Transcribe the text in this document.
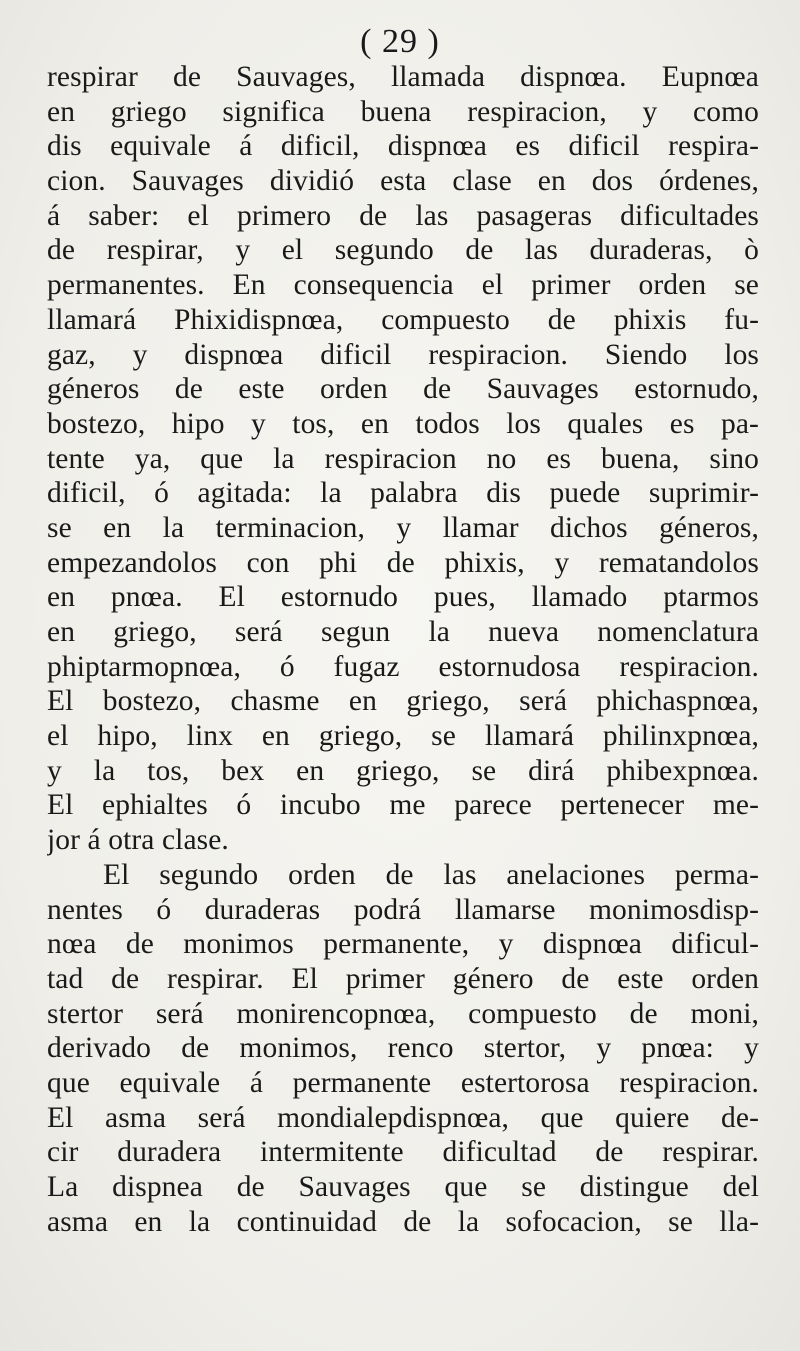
( 29 )
respirar de Sauvages, llamada dispnœa. Eupnœa
en griego significa buena respiracion, y como
dis equivale á dificil, dispnœa es dificil respira-
cion. Sauvages dividió esta clase en dos órdenes,
á saber: el primero de las pasageras dificultades
de respirar, y el segundo de las duraderas, ò
permanentes. En consequencia el primer orden se
llamará Phixidispnœa, compuesto de phixis fu-
gaz, y dispnœa dificil respiracion. Siendo los
géneros de este orden de Sauvages estornudo,
bostezo, hipo y tos, en todos los quales es pa-
tente ya, que la respiracion no es buena, sino
dificil, ó agitada: la palabra dis puede suprimir-
se en la terminacion, y llamar dichos géneros,
empezandolos con phi de phixis, y rematandolos
en pnœa. El estornudo pues, llamado ptarmos
en griego, será segun la nueva nomenclatura
phiptarmopnœa, ó fugaz estornudosa respiracion.
El bostezo, chasme en griego, será phichaspnœa,
el hipo, linx en griego, se llamará philinxpnœa,
y la tos, bex en griego, se dirá phibexpnœa.
El ephialtes ó incubo me parece pertenecer me-
jor á otra clase.
El segundo orden de las anelaciones perma-
nentes ó duraderas podrá llamarse monimosdisp-
nœa de monimos permanente, y dispnœa dificul-
tad de respirar. El primer género de este orden
stertor será monirencopnœa, compuesto de moni,
derivado de monimos, renco stertor, y pnœa: y
que equivale á permanente estertorosa respiracion.
El asma será mondialepdispnœa, que quiere de-
cir duradera intermitente dificultad de respirar.
La dispnea de Sauvages que se distingue del
asma en la continuidad de la sofocacion, se lla-
